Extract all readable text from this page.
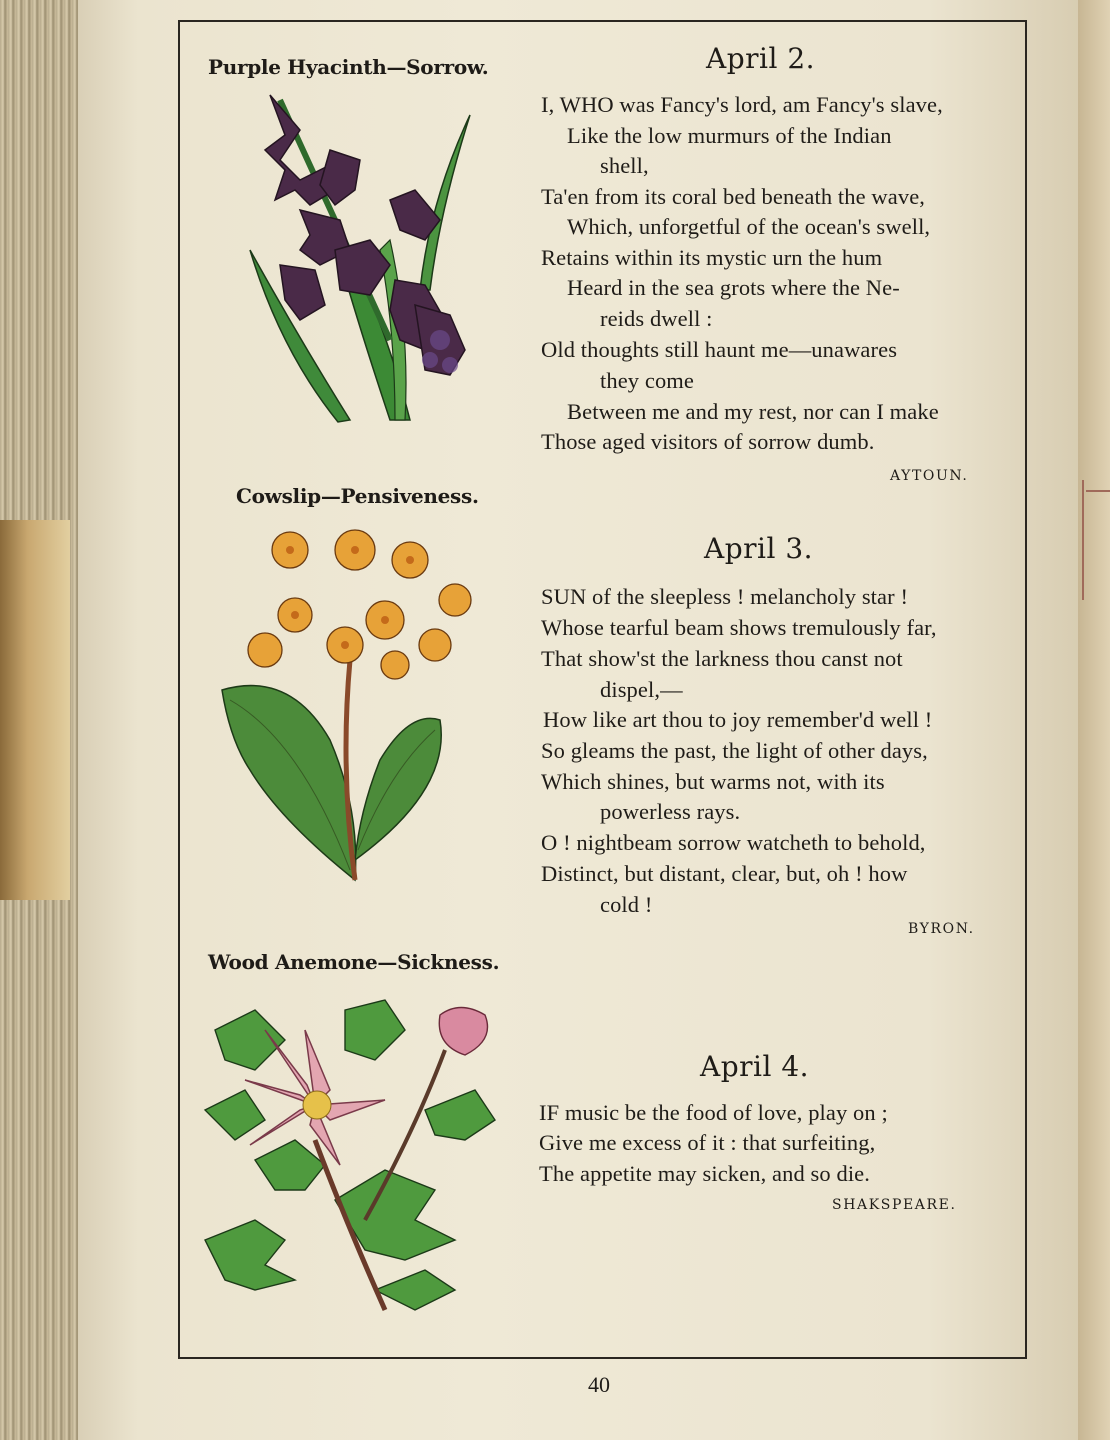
Purple Hyacinth—Sorrow.
Cowslip—Pensiveness.
Wood Anemone—Sickness.
April 2.
April 3.
April 4.
I, WHO was Fancy's lord, am Fancy's slave,
Like the low murmurs of the Indian
shell,
Ta'en from its coral bed beneath the wave,
Which, unforgetful of the ocean's swell,
Retains within its mystic urn the hum
Heard in the sea grots where the Ne-
reids dwell :
Old thoughts still haunt me—unawares
they come
Between me and my rest, nor can I make
Those aged visitors of sorrow dumb.
AYTOUN.
SUN of the sleepless ! melancholy star !
Whose tearful beam shows tremulously far,
That show'st the larkness thou canst not
dispel,—
How like art thou to joy remember'd well !
So gleams the past, the light of other days,
Which shines, but warms not, with its
powerless rays.
O ! nightbeam sorrow watcheth to behold,
Distinct, but distant, clear, but, oh ! how
cold !
BYRON.
IF music be the food of love, play on ;
Give me excess of it : that surfeiting,
The appetite may sicken, and so die.
SHAKSPEARE.
40
